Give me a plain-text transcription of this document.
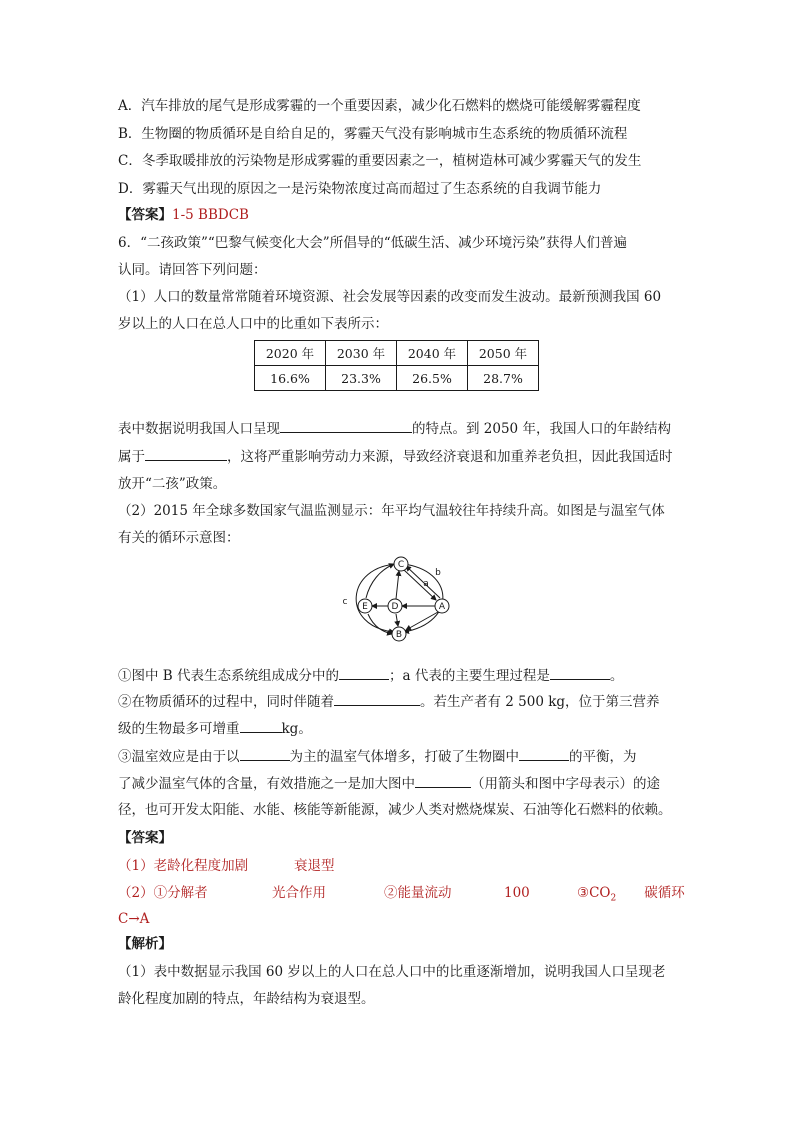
A．汽车排放的尾气是形成雾霾的一个重要因素，减少化石燃料的燃烧可能缓解雾霾程度
B．生物圈的物质循环是自给自足的，雾霾天气没有影响城市生态系统的物质循环流程
C．冬季取暖排放的污染物是形成雾霾的重要因素之一，植树造林可减少雾霾天气的发生
D．雾霾天气出现的原因之一是污染物浓度过高而超过了生态系统的自我调节能力
【答案】1-5 BBDCB
6．“二孩政策”“巴黎气候变化大会”所倡导的“低碳生活、减少环境污染”获得人们普遍
认同。请回答下列问题：
（1）人口的数量常常随着环境资源、社会发展等因素的改变而发生波动。最新预测我国 60
岁以上的人口在总人口中的比重如下表所示：
2020 年	2030 年	2040 年	2050 年
16.6%	23.3%	26.5%	28.7%
表中数据说明我国人口呈现	的特点。到 2050 年，我国人口的年龄结构
属于	，这将严重影响劳动力来源，导致经济衰退和加重养老负担，因此我国适时
放开“二孩”政策。
（2）2015 年全球多数国家气温监测显示：年平均气温较往年持续升高。如图是与温室气体
有关的循环示意图：
C
E	D	A
B
a
b
c
①图中 B 代表生态系统组成成分中的	；a 代表的主要生理过程是	。
②在物质循环的过程中，同时伴随着	。若生产者有 2 500 kg，位于第三营养
级的生物最多可增重	kg。
③温室效应是由于以	为主的温室气体增多，打破了生物圈中	的平衡，为
了减少温室气体的含量，有效措施之一是加大图中	（用箭头和图中字母表示）的途
径，也可开发太阳能、水能、核能等新能源，减少人类对燃烧煤炭、石油等化石燃料的依赖。
【答案】
（1）老龄化程度加剧	衰退型
（2）①分解者	光合作用	②能量流动	100	$③CO_2$ 碳循环
C→A
【解析】
（1）表中数据显示我国 60 岁以上的人口在总人口中的比重逐渐增加，说明我国人口呈现老
龄化程度加剧的特点，年龄结构为衰退型。
